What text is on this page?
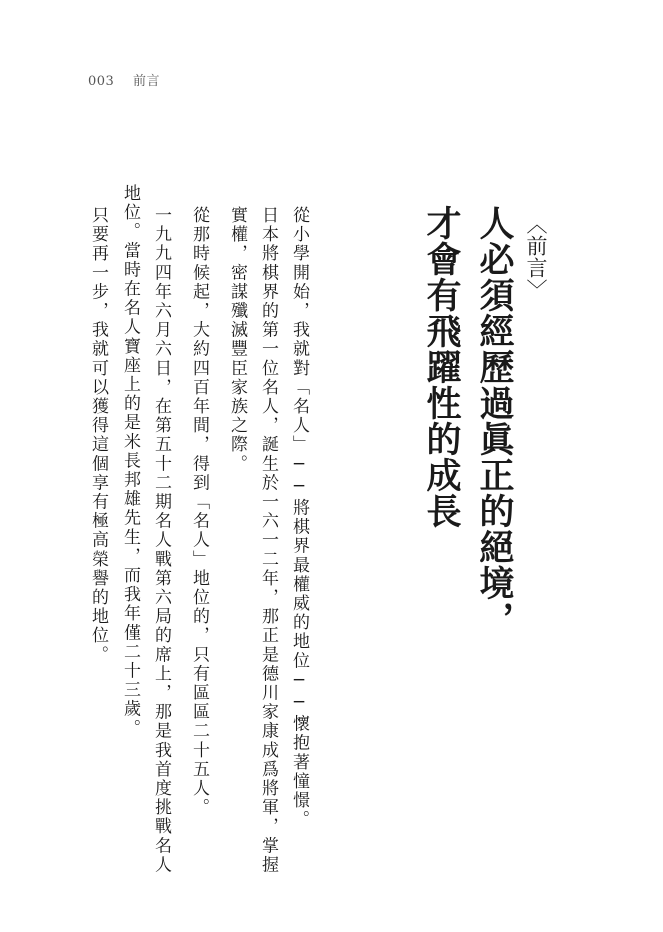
003 前言
〈前言〉
人必須經歷過眞正的絕境，
才會有飛躍性的成長
從小學開始，我就對「名人」──將棋界最權威的地位──懷抱著憧憬。
日本將棋界的第一位名人，誕生於一六一二年，那正是德川家康成爲將軍，掌握
實權，密謀殲滅豐臣家族之際。
從那時候起，大約四百年間，得到「名人」地位的，只有區區二十五人。
一九九四年六月六日，在第五十二期名人戰第六局的席上，那是我首度挑戰名人
地位。當時在名人寶座上的是米長邦雄先生，而我年僅二十三歲。
只要再一步，我就可以獲得這個享有極高榮譽的地位。
